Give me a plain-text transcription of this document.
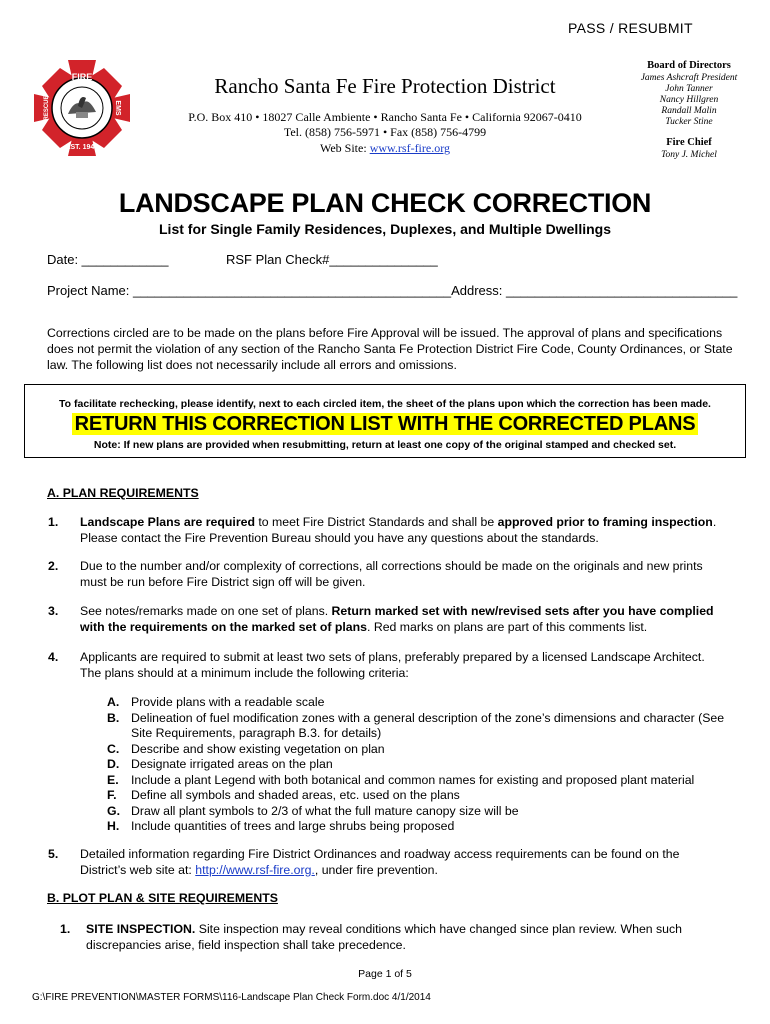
PASS / RESUBMIT
FIRE
EST. 1946
RESCUE	EMS
Rancho Santa Fe Fire Protection District
P.O. Box 410 • 18027 Calle Ambiente • Rancho Santa Fe • California 92067-0410
Tel. (858) 756-5971 • Fax (858) 756-4799
Web Site: www.rsf-fire.org
Board of Directors
James Ashcraft President
John Tanner
Nancy Hillgren
Randall Malin
Tucker Stine
Fire Chief
Tony J. Michel
LANDSCAPE PLAN CHECK CORRECTION
List for Single Family Residences, Duplexes, and Multiple Dwellings
Date: ____________	RSF Plan Check#_______________
Project Name: ____________________________________________Address: ________________________________
Corrections circled are to be made on the plans before Fire Approval will be issued. The approval of plans and specifications does not permit the violation of any section of the Rancho Santa Fe Protection District Fire Code, County Ordinances, or State law. The following list does not necessarily include all errors and omissions.
To facilitate rechecking, please identify, next to each circled item, the sheet of the plans upon which the correction has been made.
RETURN THIS CORRECTION LIST WITH THE CORRECTED PLANS
Note: If new plans are provided when resubmitting, return at least one copy of the original stamped and checked set.
A. PLAN REQUIREMENTS
1. Landscape Plans are required to meet Fire District Standards and shall be approved prior to framing inspection. Please contact the Fire Prevention Bureau should you have any questions about the standards.
2. Due to the number and/or complexity of corrections, all corrections should be made on the originals and new prints must be run before Fire District sign off will be given.
3. See notes/remarks made on one set of plans. Return marked set with new/revised sets after you have complied with the requirements on the marked set of plans. Red marks on plans are part of this comments list.
4. Applicants are required to submit at least two sets of plans, preferably prepared by a licensed Landscape Architect. The plans should at a minimum include the following criteria:
A. Provide plans with a readable scale
B. Delineation of fuel modification zones with a general description of the zone’s dimensions and character (See Site Requirements, paragraph B.3. for details)
C. Describe and show existing vegetation on plan
D. Designate irrigated areas on the plan
E. Include a plant Legend with both botanical and common names for existing and proposed plant material
F. Define all symbols and shaded areas, etc. used on the plans
G. Draw all plant symbols to 2/3 of what the full mature canopy size will be
H. Include quantities of trees and large shrubs being proposed
5. Detailed information regarding Fire District Ordinances and roadway access requirements can be found on the District’s web site at: http://www.rsf-fire.org., under fire prevention.
B. PLOT PLAN & SITE REQUIREMENTS
1. SITE INSPECTION. Site inspection may reveal conditions which have changed since plan review. When such discrepancies arise, field inspection shall take precedence.
Page 1 of 5
G:\FIRE PREVENTION\MASTER FORMS\116-Landscape Plan Check Form.doc 4/1/2014
